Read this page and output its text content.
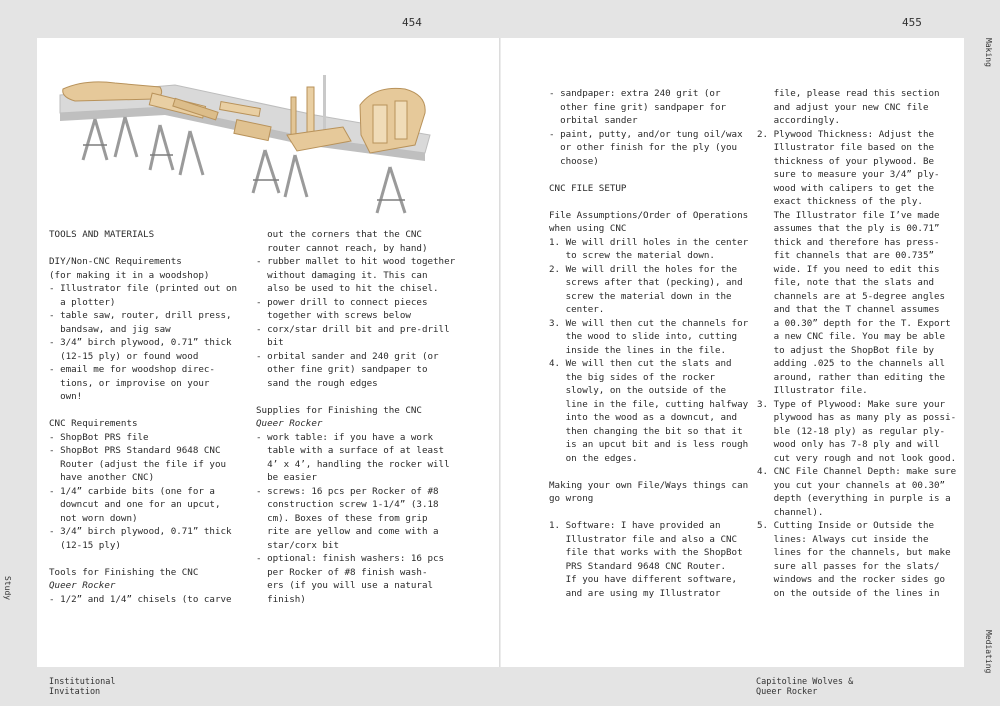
454	455
Study
Making
Mediating
TOOLS AND MATERIALS
DIY/Non-CNC Requirements
(for making it in a woodshop)
- Illustrator file (printed out on
a plotter)
- table saw, router, drill press,
bandsaw, and jig saw
- 3/4” birch plywood, 0.71” thick
(12-15 ply) or found wood
- email me for woodshop direc-
tions, or improvise on your
own!
CNC Requirements
- ShopBot PRS file
- ShopBot PRS Standard 9648 CNC
Router (adjust the file if you
have another CNC)
- 1/4” carbide bits (one for a
downcut and one for an upcut,
not worn down)
- 3/4” birch plywood, 0.71” thick
(12-15 ply)
Tools for Finishing the CNC
Queer Rocker
- 1/2” and 1/4” chisels (to carve
out the corners that the CNC
router cannot reach, by hand)
- rubber mallet to hit wood together
without damaging it. This can
also be used to hit the chisel.
- power drill to connect pieces
together with screws below
- corx/star drill bit and pre-drill
bit
- orbital sander and 240 grit (or
other fine grit) sandpaper to
sand the rough edges
Supplies for Finishing the CNC
Queer Rocker
- work table: if you have a work
table with a surface of at least
4’ x 4’, handling the rocker will
be easier
- screws: 16 pcs per Rocker of #8
construction screw 1-1/4” (3.18
cm). Boxes of these from grip
rite are yellow and come with a
star/corx bit
- optional: finish washers: 16 pcs
per Rocker of #8 finish wash-
ers (if you will use a natural
finish)
- sandpaper: extra 240 grit (or
other fine grit) sandpaper for
orbital sander
- paint, putty, and/or tung oil/wax
or other finish for the ply (you
choose)
CNC FILE SETUP
File Assumptions/Order of Operations
when using CNC
1. We will drill holes in the center
to screw the material down.
2. We will drill the holes for the
screws after that (pecking), and
screw the material down in the
center.
3. We will then cut the channels for
the wood to slide into, cutting
inside the lines in the file.
4. We will then cut the slats and
the big sides of the rocker
slowly, on the outside of the
line in the file, cutting halfway
into the wood as a downcut, and
then changing the bit so that it
is an upcut bit and is less rough
on the edges.
Making your own File/Ways things can
go wrong
1. Software: I have provided an
Illustrator file and also a CNC
file that works with the ShopBot
PRS Standard 9648 CNC Router.
If you have different software,
and are using my Illustrator
file, please read this section
and adjust your new CNC file
accordingly.
2. Plywood Thickness: Adjust the
Illustrator file based on the
thickness of your plywood. Be
sure to measure your 3/4” ply-
wood with calipers to get the
exact thickness of the ply.
The Illustrator file I’ve made
assumes that the ply is 00.71”
thick and therefore has press-
fit channels that are 00.735”
wide. If you need to edit this
file, note that the slats and
channels are at 5-degree angles
and that the T channel assumes
a 00.30” depth for the T. Export
a new CNC file. You may be able
to adjust the ShopBot file by
adding .025 to the channels all
around, rather than editing the
Illustrator file.
3. Type of Plywood: Make sure your
plywood has as many ply as possi-
ble (12-18 ply) as regular ply-
wood only has 7-8 ply and will
cut very rough and not look good.
4. CNC File Channel Depth: make sure
you cut your channels at 00.30”
depth (everything in purple is a
channel).
5. Cutting Inside or Outside the
lines: Always cut inside the
lines for the channels, but make
sure all passes for the slats/
windows and the rocker sides go
on the outside of the lines in
Institutional
Invitation
Capitoline Wolves &
Queer Rocker
